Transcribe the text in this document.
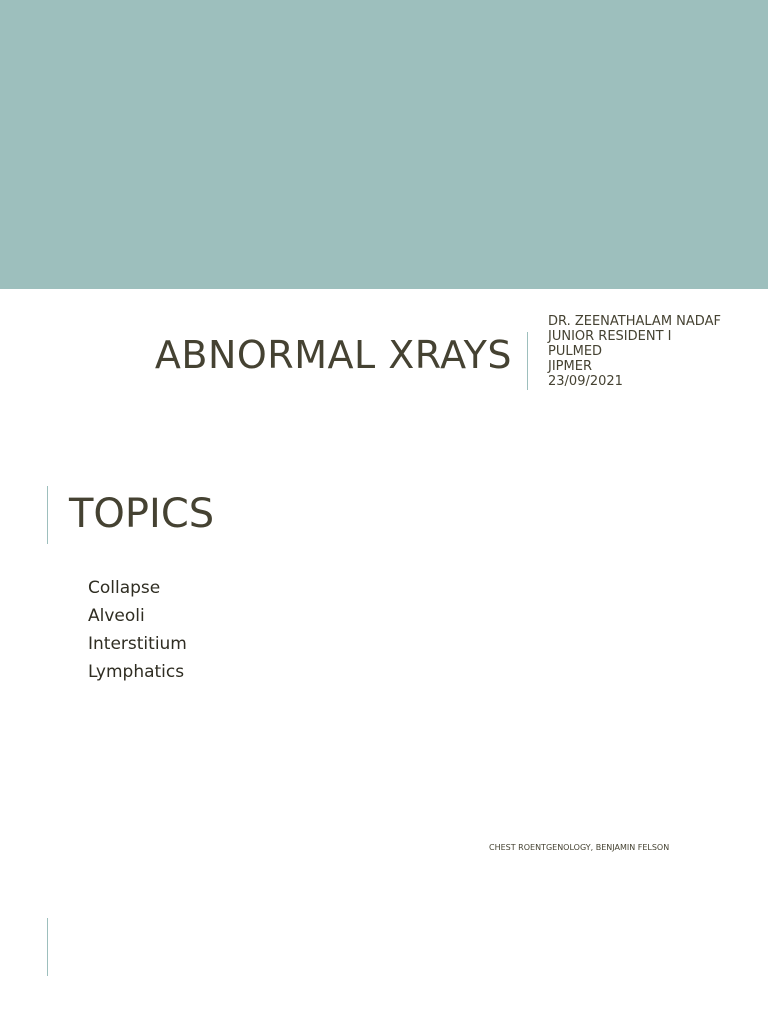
ABNORMAL XRAYS
DR. ZEENATHALAM NADAF
JUNIOR RESIDENT I
PULMED
JIPMER
23/09/2021
TOPICS
Collapse
Alveoli
Interstitium
Lymphatics
CHEST ROENTGENOLOGY, BENJAMIN FELSON
